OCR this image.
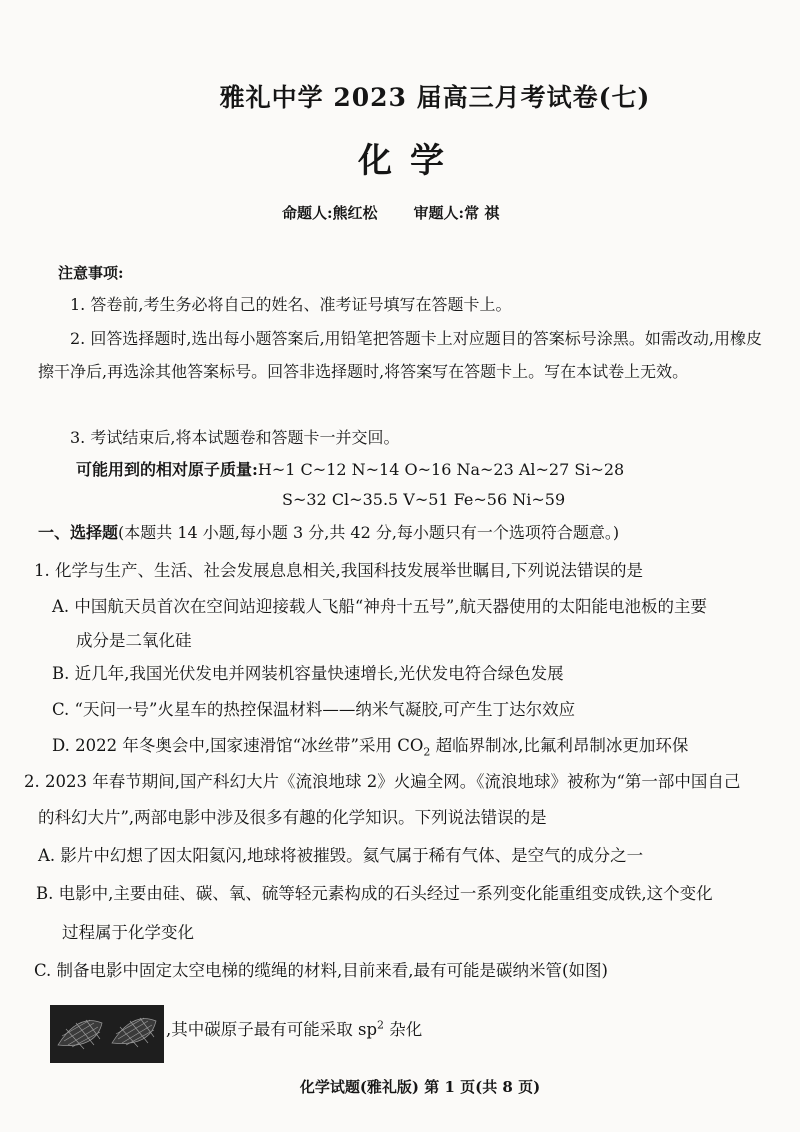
雅礼中学 2023 届高三月考试卷(七)
化学
命题人:熊红松 审题人:常 祺
注意事项:
1. 答卷前,考生务必将自己的姓名、准考证号填写在答题卡上。
2. 回答选择题时,选出每小题答案后,用铅笔把答题卡上对应题目的答案标号涂黑。如需改动,用橡皮擦干净后,再选涂其他答案标号。回答非选择题时,将答案写在答题卡上。写在本试卷上无效。
3. 考试结束后,将本试题卷和答题卡一并交回。
可能用到的相对原子质量:H~1 C~12 N~14 O~16 Na~23 Al~27 Si~28
S~32 Cl~35.5 V~51 Fe~56 Ni~59
一、选择题(本题共 14 小题,每小题 3 分,共 42 分,每小题只有一个选项符合题意。)
1. 化学与生产、生活、社会发展息息相关,我国科技发展举世瞩目,下列说法错误的是
A. 中国航天员首次在空间站迎接载人飞船“神舟十五号”,航天器使用的太阳能电池板的主要
成分是二氧化硅
B. 近几年,我国光伏发电并网装机容量快速增长,光伏发电符合绿色发展
C. “天问一号”火星车的热控保温材料——纳米气凝胶,可产生丁达尔效应
D. 2022 年冬奥会中,国家速滑馆“冰丝带”采用 $CO_2$ 超临界制冰,比氟利昂制冰更加环保
2. 2023 年春节期间,国产科幻大片《流浪地球 2》火遍全网。《流浪地球》被称为“第一部中国自己
的科幻大片”,两部电影中涉及很多有趣的化学知识。下列说法错误的是
A. 影片中幻想了因太阳氦闪,地球将被摧毁。氦气属于稀有气体、是空气的成分之一
B. 电影中,主要由硅、碳、氧、硫等轻元素构成的石头经过一系列变化能重组变成铁,这个变化
过程属于化学变化
C. 制备电影中固定太空电梯的缆绳的材料,目前来看,最有可能是碳纳米管(如图)
,其中碳原子最有可能采取 $sp^2$ 杂化
化学试题(雅礼版) 第 1 页(共 8 页)
